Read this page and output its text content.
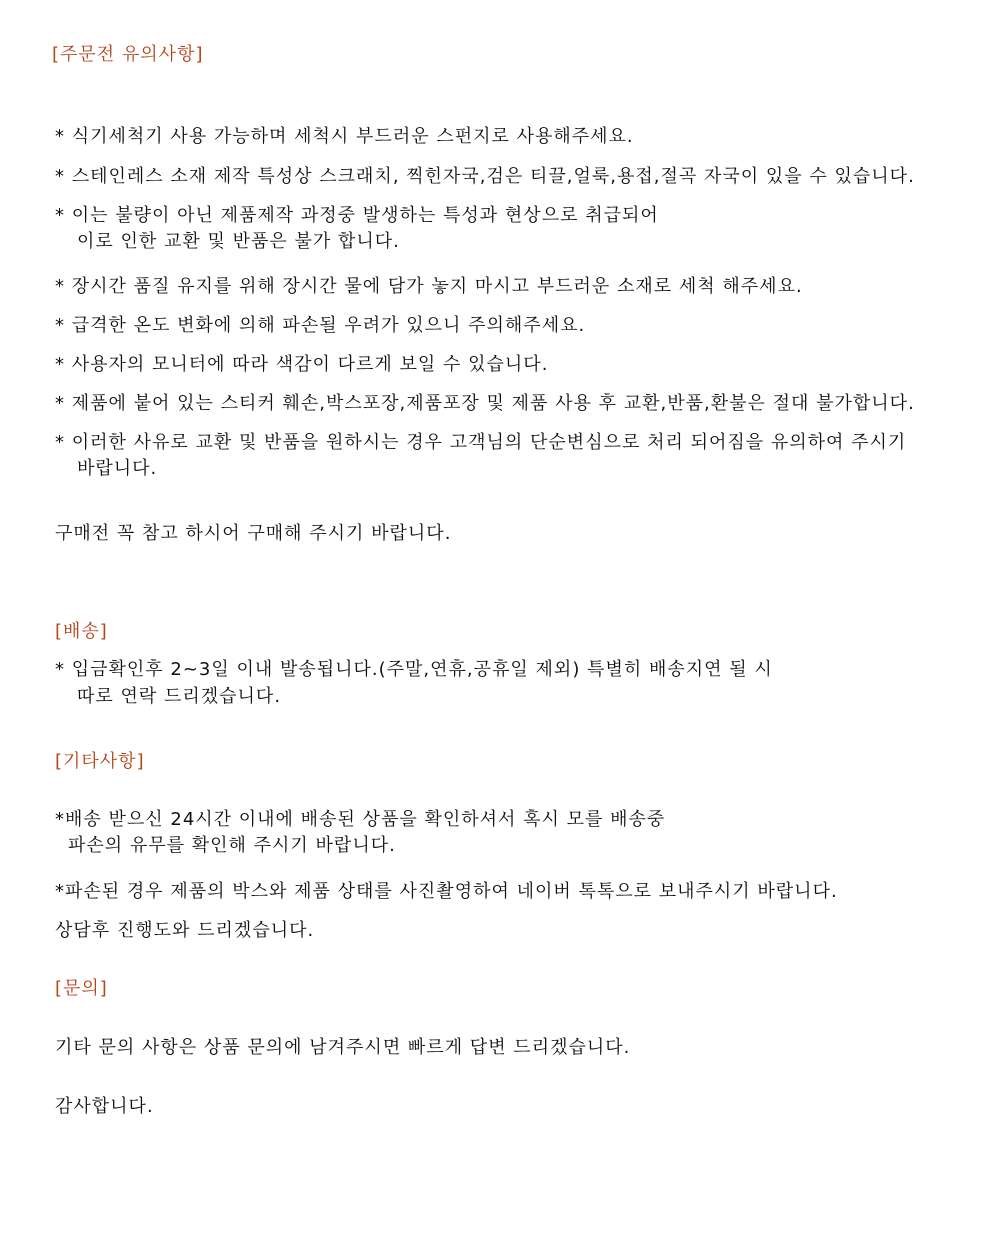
[주문전 유의사항]
* 식기세척기 사용 가능하며 세척시 부드러운 스펀지로 사용해주세요.
* 스테인레스 소재 제작 특성상 스크래치, 찍힌자국,검은 티끌,얼룩,용접,절곡 자국이 있을 수 있습니다.
* 이는 불량이 아닌 제품제작 과정중 발생하는 특성과 현상으로 취급되어
이로 인한 교환 및 반품은 불가 합니다.
* 장시간 품질 유지를 위해 장시간 물에 담가 놓지 마시고 부드러운 소재로 세척 해주세요.
* 급격한 온도 변화에 의해 파손될 우려가 있으니 주의해주세요.
* 사용자의 모니터에 따라 색감이 다르게 보일 수 있습니다.
* 제품에 붙어 있는 스티커 훼손,박스포장,제품포장 및 제품 사용 후 교환,반품,환불은 절대 불가합니다.
* 이러한 사유로 교환 및 반품을 원하시는 경우 고객님의 단순변심으로 처리 되어짐을 유의하여 주시기
바랍니다.
구매전 꼭 참고 하시어 구매해 주시기 바랍니다.
[배송]
* 입금확인후 2~3일 이내 발송됩니다.(주말,연휴,공휴일 제외) 특별히 배송지연 될 시
따로 연락 드리겠습니다.
[기타사항]
*배송 받으신 24시간 이내에 배송된 상품을 확인하셔서 혹시 모를 배송중
파손의 유무를 확인해 주시기 바랍니다.
*파손된 경우 제품의 박스와 제품 상태를 사진촬영하여 네이버 톡톡으로 보내주시기 바랍니다.
상담후 진행도와 드리겠습니다.
[문의]
기타 문의 사항은 상품 문의에 남겨주시면 빠르게 답변 드리겠습니다.
감사합니다.
